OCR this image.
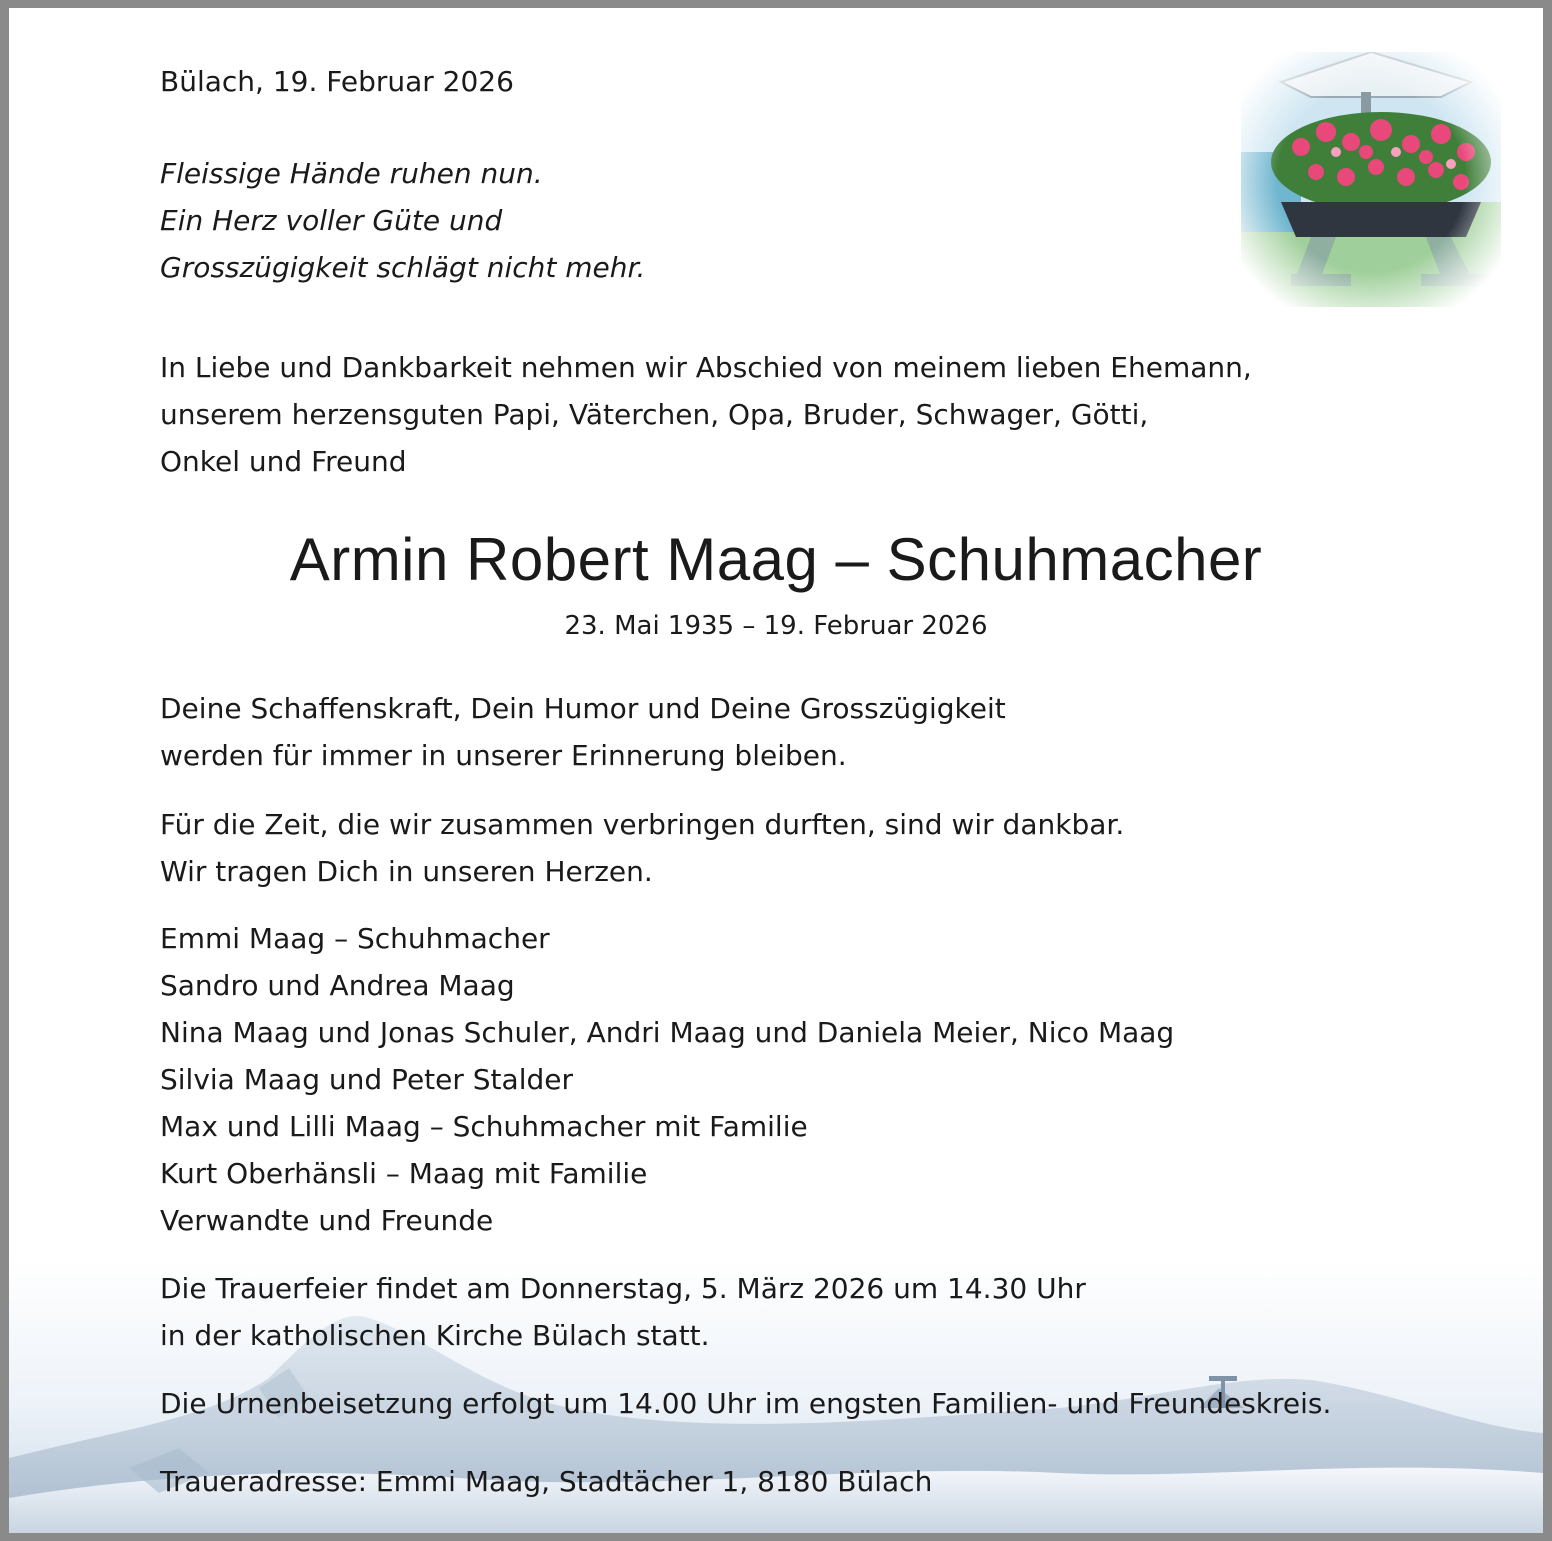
Bülach, 19. Februar 2026
Fleissige Hände ruhen nun.
Ein Herz voller Güte und
Grosszügigkeit schlägt nicht mehr.
In Liebe und Dankbarkeit nehmen wir Abschied von meinem lieben Ehemann,
unserem herzensguten Papi, Väterchen, Opa, Bruder, Schwager, Götti,
Onkel und Freund
Armin Robert Maag – Schuhmacher
23. Mai 1935 – 19. Februar 2026
Deine Schaffenskraft, Dein Humor und Deine Grosszügigkeit
werden für immer in unserer Erinnerung bleiben.
Für die Zeit, die wir zusammen verbringen durften, sind wir dankbar.
Wir tragen Dich in unseren Herzen.
Emmi Maag – Schuhmacher
Sandro und Andrea Maag
Nina Maag und Jonas Schuler, Andri Maag und Daniela Meier, Nico Maag
Silvia Maag und Peter Stalder
Max und Lilli Maag – Schuhmacher mit Familie
Kurt Oberhänsli – Maag mit Familie
Verwandte und Freunde
Die Trauerfeier findet am Donnerstag, 5. März 2026 um 14.30 Uhr
in der katholischen Kirche Bülach statt.
Die Urnenbeisetzung erfolgt um 14.00 Uhr im engsten Familien- und Freundeskreis.
Traueradresse: Emmi Maag, Stadtächer 1, 8180 Bülach
